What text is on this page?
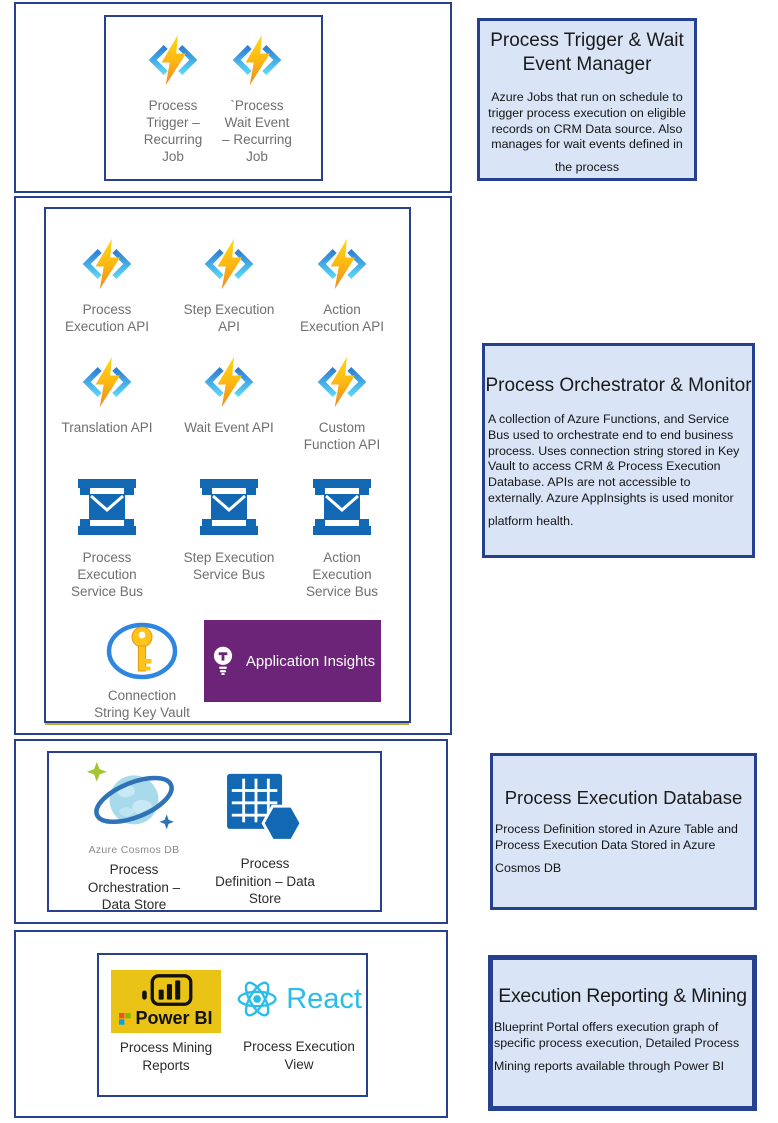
Process Trigger – Recurring Job
`Process Wait Event – Recurring Job
Process Execution API
Step Execution API
Action Execution API
Translation API	Wait Event API	Custom Function API
Process Execution Service Bus
Step Execution Service Bus
Action Execution Service Bus
Connection String Key Vault
Application Insights
Azure Cosmos DB
Process Orchestration – Data Store
Process Definition – Data Store
Power BI
Process Mining Reports
React
Process Execution View
Process Trigger & Wait Event Manager

Azure Jobs that run on schedule to trigger process execution on eligible records on CRM Data source. Also manages for wait events defined in

the process

Process Orchestrator & Monitor

A collection of Azure Functions, and Service Bus used to orchestrate end to end business process. Uses connection string stored in Key Vault to access CRM & Process Execution Database. APIs are not accessible to externally. Azure AppInsights is used monitor

platform health.

Process Execution Database

Process Definition stored in Azure Table and Process Execution Data Stored in Azure

Cosmos DB

Execution Reporting & Mining

Blueprint Portal offers execution graph of specific process execution, Detailed Process

Mining reports available through Power BI
